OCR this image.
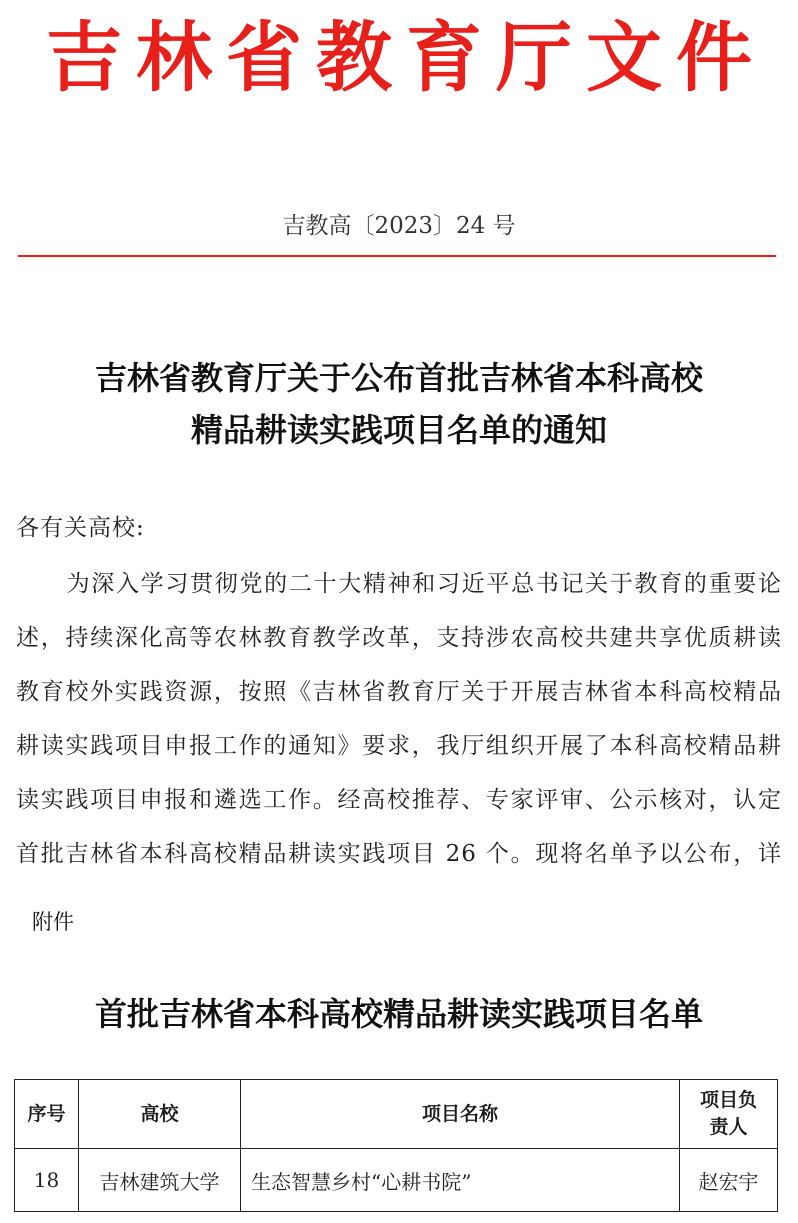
吉林省教育厅文件
吉教高〔2023〕24 号
吉林省教育厅关于公布首批吉林省本科高校
精品耕读实践项目名单的通知
各有关高校:
为深入学习贯彻党的二十大精神和习近平总书记关于教育的重要论述，持续深化高等农林教育教学改革，支持涉农高校共建共享优质耕读教育校外实践资源，按照《吉林省教育厅关于开展吉林省本科高校精品耕读实践项目申报工作的通知》要求，我厅组织开展了本科高校精品耕读实践项目申报和遴选工作。经高校推荐、专家评审、公示核对，认定首批吉林省本科高校精品耕读实践项目 26 个。现将名单予以公布，详
附件
首批吉林省本科高校精品耕读实践项目名单
序号	高校	项目名称	项目负
责人

18	吉林建筑大学	生态智慧乡村“心耕书院”	赵宏宇
